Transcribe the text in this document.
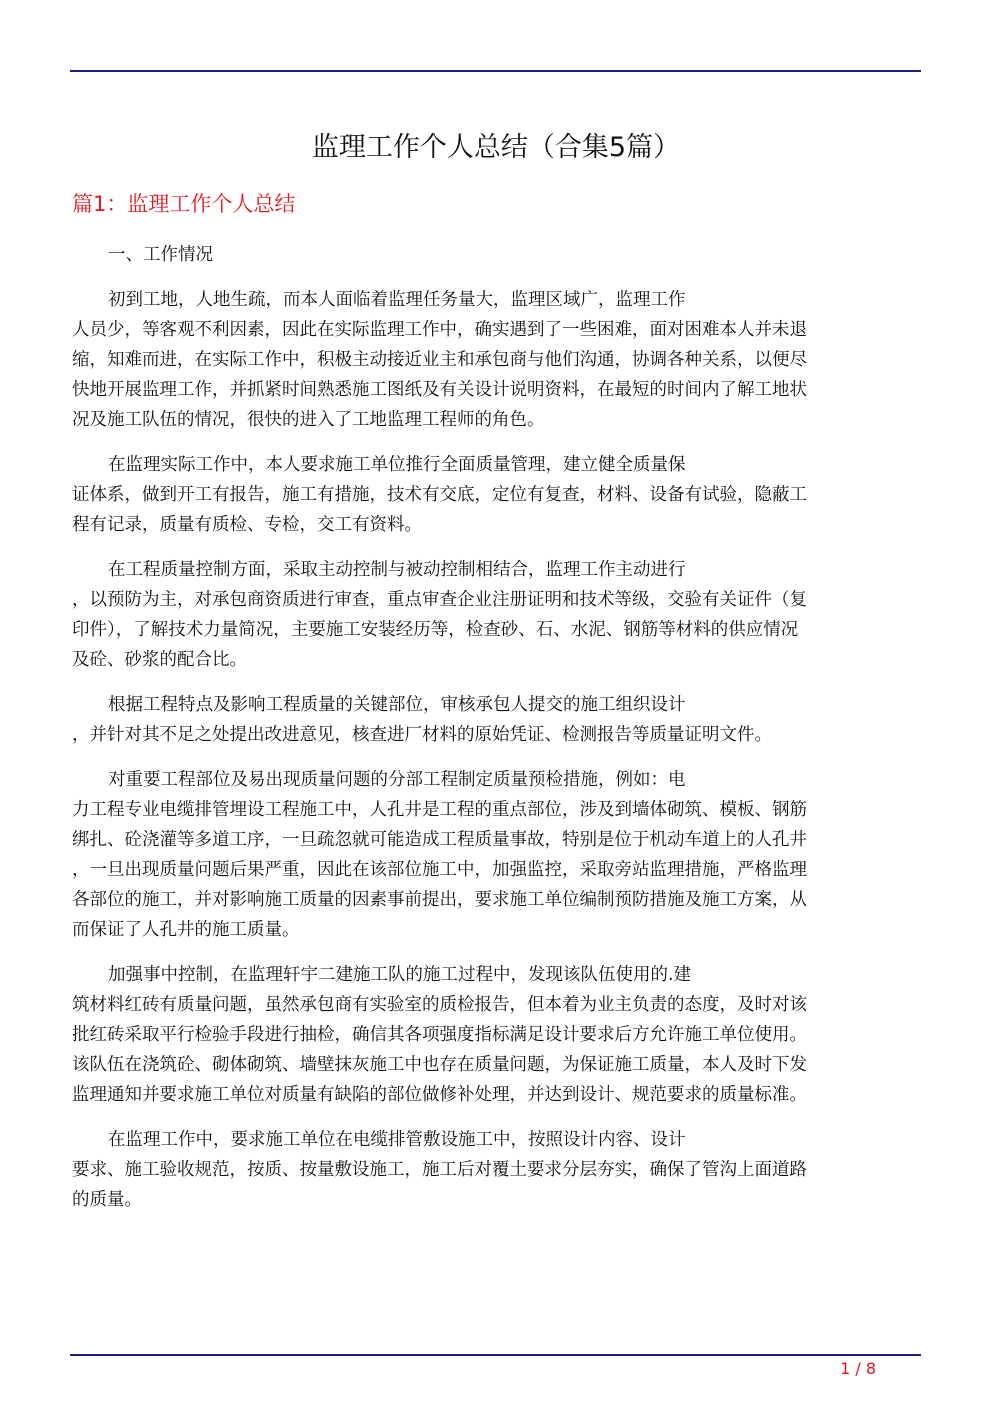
监理工作个人总结（合集5篇）
篇1：监理工作个人总结

一、工作情况

初到工地，人地生疏，而本人面临着监理任务量大，监理区域广，监理工作
人员少，等客观不利因素，因此在实际监理工作中，确实遇到了一些困难，面对困难本人并未退
缩，知难而进，在实际工作中，积极主动接近业主和承包商与他们沟通，协调各种关系，以便尽
快地开展监理工作，并抓紧时间熟悉施工图纸及有关设计说明资料，在最短的时间内了解工地状
况及施工队伍的情况，很快的进入了工地监理工程师的角色。

在监理实际工作中，本人要求施工单位推行全面质量管理，建立健全质量保
证体系，做到开工有报告，施工有措施，技术有交底，定位有复查，材料、设备有试验，隐蔽工
程有记录，质量有质检、专检，交工有资料。

在工程质量控制方面，采取主动控制与被动控制相结合，监理工作主动进行
，以预防为主，对承包商资质进行审查，重点审查企业注册证明和技术等级，交验有关证件（复
印件），了解技术力量简况，主要施工安装经历等，检查砂、石、水泥、钢筋等材料的供应情况
及砼、砂浆的配合比。

根据工程特点及影响工程质量的关键部位，审核承包人提交的施工组织设计
，并针对其不足之处提出改进意见，核查进厂材料的原始凭证、检测报告等质量证明文件。

对重要工程部位及易出现质量问题的分部工程制定质量预检措施，例如：电
力工程专业电缆排管埋设工程施工中，人孔井是工程的重点部位，涉及到墙体砌筑、模板、钢筋
绑扎、砼浇灌等多道工序，一旦疏忽就可能造成工程质量事故，特别是位于机动车道上的人孔井
，一旦出现质量问题后果严重，因此在该部位施工中，加强监控，采取旁站监理措施，严格监理
各部位的施工，并对影响施工质量的因素事前提出，要求施工单位编制预防措施及施工方案，从
而保证了人孔井的施工质量。

加强事中控制，在监理轩宇二建施工队的施工过程中，发现该队伍使用的.建
筑材料红砖有质量问题，虽然承包商有实验室的质检报告，但本着为业主负责的态度，及时对该
批红砖采取平行检验手段进行抽检，确信其各项强度指标满足设计要求后方允许施工单位使用。
该队伍在浇筑砼、砌体砌筑、墙壁抹灰施工中也存在质量问题，为保证施工质量，本人及时下发
监理通知并要求施工单位对质量有缺陷的部位做修补处理，并达到设计、规范要求的质量标准。

在监理工作中，要求施工单位在电缆排管敷设施工中，按照设计内容、设计
要求、施工验收规范，按质、按量敷设施工，施工后对覆土要求分层夯实，确保了管沟上面道路
的质量。

1 / 8
